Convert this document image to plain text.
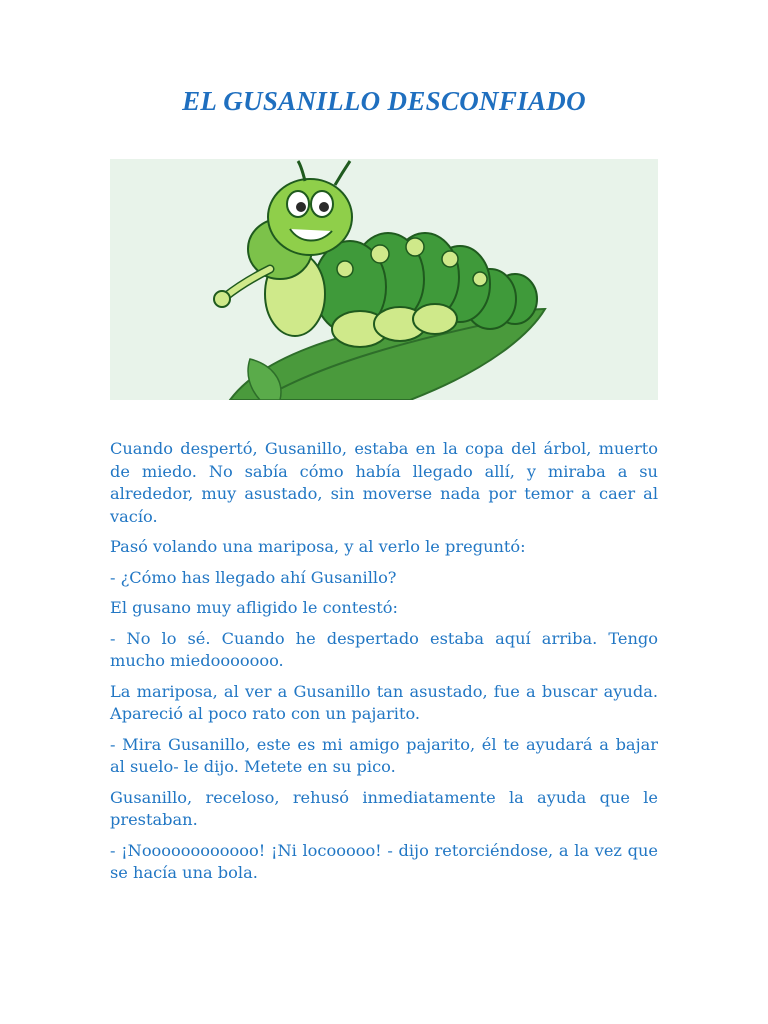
EL GUSANILLO DESCONFIADO

Cuando despertó, Gusanillo, estaba en la copa del árbol, muerto de miedo. No sabía cómo había llegado allí, y miraba a su alrededor, muy asustado, sin moverse nada por temor a caer al vacío.

Pasó volando una mariposa, y al verlo le preguntó:

- ¿Cómo has llegado ahí Gusanillo?

El gusano muy afligido le contestó:

- No lo sé. Cuando he despertado estaba aquí arriba. Tengo mucho miedooooooo.

La mariposa, al ver a Gusanillo tan asustado, fue a buscar ayuda. Apareció al poco rato con un pajarito.

- Mira Gusanillo, este es mi amigo pajarito, él te ayudará a bajar al suelo- le dijo. Metete en su pico.

Gusanillo, receloso, rehusó inmediatamente la ayuda que le prestaban.

- ¡Noooooooooooo! ¡Ni locooooo! - dijo retorciéndose, a la vez que se hacía una bola.
